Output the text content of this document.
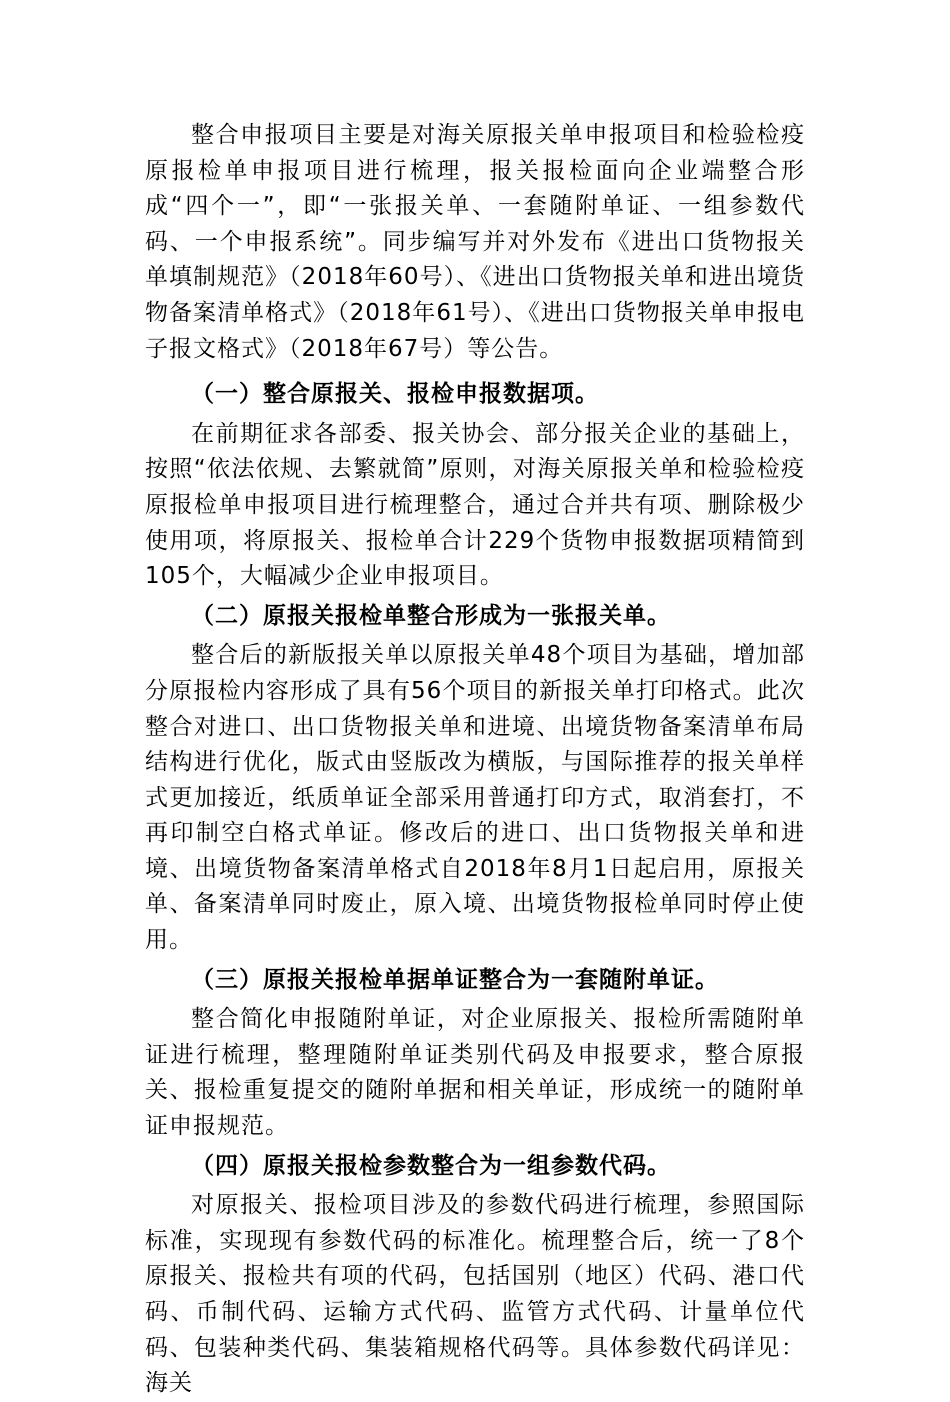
整合申报项目主要是对海关原报关单申报项目和检验检疫原报检单申报项目进行梳理，报关报检面向企业端整合形成“四个一”，即“一张报关单、一套随附单证、一组参数代码、一个申报系统”。同步编写并对外发布《进出口货物报关单填制规范》（2018年60号）、《进出口货物报关单和进出境货物备案清单格式》（2018年61号）、《进出口货物报关单申报电子报文格式》（2018年67号）等公告。

（一）整合原报关、报检申报数据项。

在前期征求各部委、报关协会、部分报关企业的基础上，按照“依法依规、去繁就简”原则，对海关原报关单和检验检疫原报检单申报项目进行梳理整合，通过合并共有项、删除极少使用项，将原报关、报检单合计229个货物申报数据项精简到105个，大幅减少企业申报项目。

（二）原报关报检单整合形成为一张报关单。

整合后的新版报关单以原报关单48个项目为基础，增加部分原报检内容形成了具有56个项目的新报关单打印格式。此次整合对进口、出口货物报关单和进境、出境货物备案清单布局结构进行优化，版式由竖版改为横版，与国际推荐的报关单样式更加接近，纸质单证全部采用普通打印方式，取消套打，不再印制空白格式单证。修改后的进口、出口货物报关单和进境、出境货物备案清单格式自2018年8月1日起启用，原报关单、备案清单同时废止，原入境、出境货物报检单同时停止使用。

（三）原报关报检单据单证整合为一套随附单证。

整合简化申报随附单证，对企业原报关、报检所需随附单证进行梳理，整理随附单证类别代码及申报要求，整合原报关、报检重复提交的随附单据和相关单证，形成统一的随附单证申报规范。

（四）原报关报检参数整合为一组参数代码。

对原报关、报检项目涉及的参数代码进行梳理，参照国际标准，实现现有参数代码的标准化。梳理整合后，统一了8个原报关、报检共有项的代码，包括国别（地区）代码、港口代码、币制代码、运输方式代码、监管方式代码、计量单位代码、包装种类代码、集装箱规格代码等。具体参数代码详见：海关
